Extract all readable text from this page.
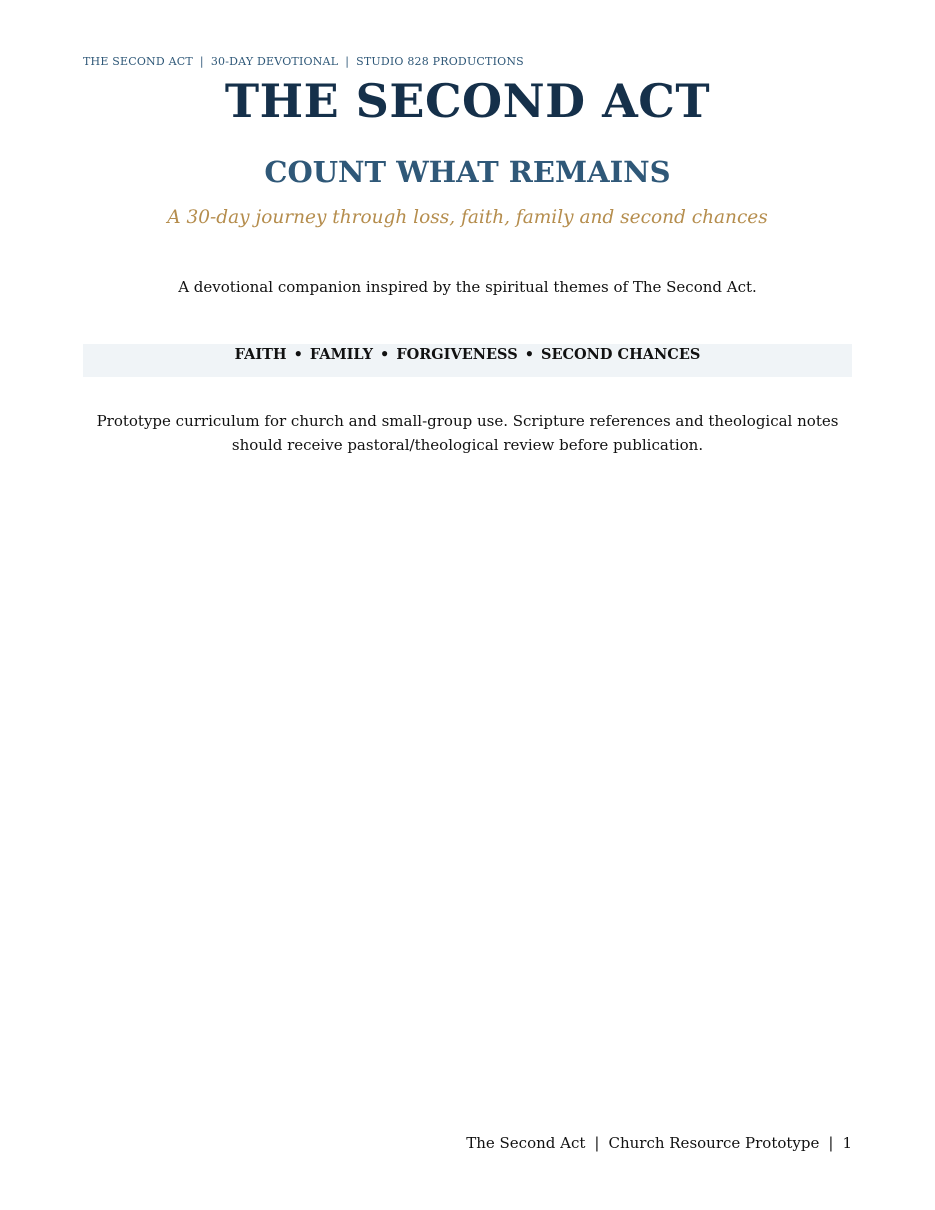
THE SECOND ACT | 30-DAY DEVOTIONAL | STUDIO 828 PRODUCTIONS
THE SECOND ACT
COUNT WHAT REMAINS
A 30-day journey through loss, faith, family and second chances
A devotional companion inspired by the spiritual themes of The Second Act.
FAITH • FAMILY • FORGIVENESS • SECOND CHANCES
Prototype curriculum for church and small-group use. Scripture references and theological notes should receive pastoral/theological review before publication.
The Second Act | Church Resource Prototype | 1
